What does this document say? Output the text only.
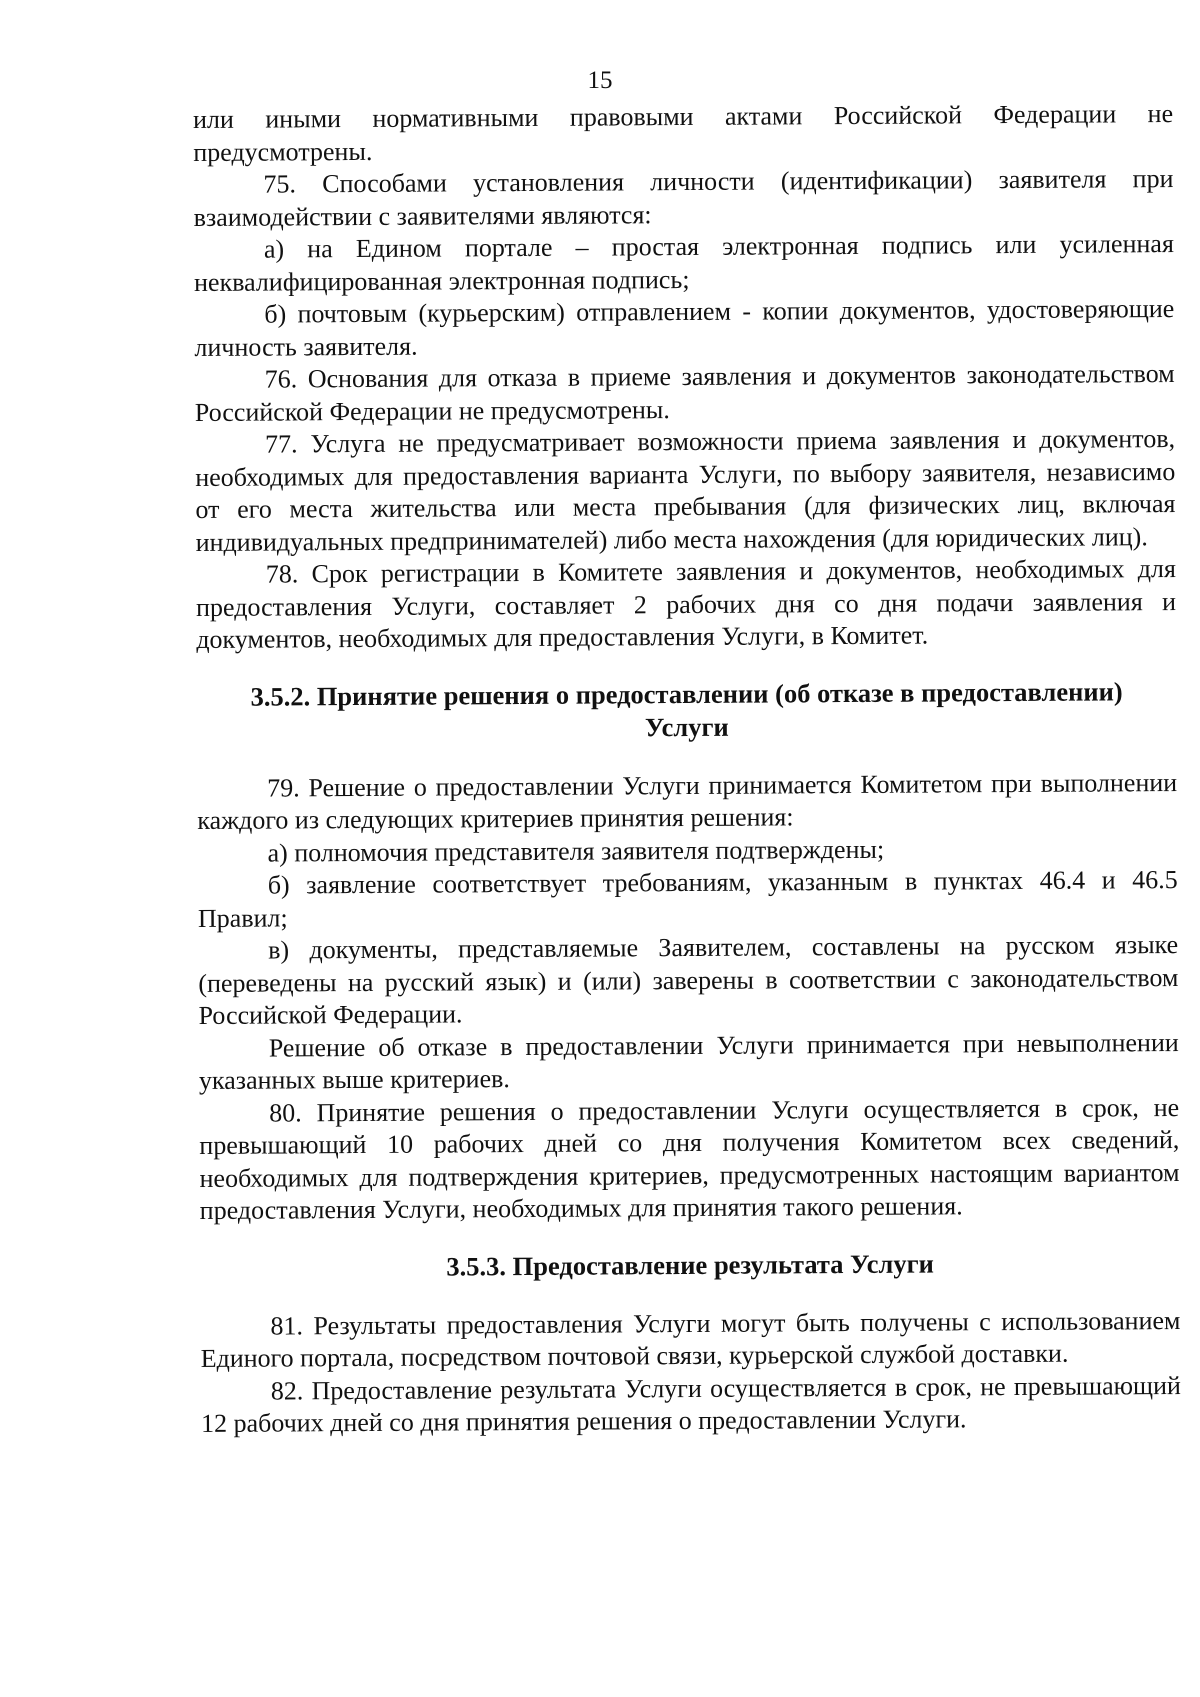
15

или иными нормативными правовыми актами Российской Федерации не предусмотрены.

75. Способами установления личности (идентификации) заявителя при взаимодействии с заявителями являются:

а) на Едином портале – простая электронная подпись или усиленная неквалифицированная электронная подпись;

б) почтовым (курьерским) отправлением - копии документов, удостоверяющие личность заявителя.

76. Основания для отказа в приеме заявления и документов законодательством Российской Федерации не предусмотрены.

77. Услуга не предусматривает возможности приема заявления и документов, необходимых для предоставления варианта Услуги, по выбору заявителя, независимо от его места жительства или места пребывания (для физических лиц, включая индивидуальных предпринимателей) либо места нахождения (для юридических лиц).

78. Срок регистрации в Комитете заявления и документов, необходимых для предоставления Услуги, составляет 2 рабочих дня со дня подачи заявления и документов, необходимых для предоставления Услуги, в Комитет.

3.5.2. Принятие решения о предоставлении (об отказе в предоставлении)
Услуги

79. Решение о предоставлении Услуги принимается Комитетом при выполнении каждого из следующих критериев принятия решения:

а) полномочия представителя заявителя подтверждены;

б) заявление соответствует требованиям, указанным в пунктах 46.4 и 46.5 Правил;

в) документы, представляемые Заявителем, составлены на русском языке (переведены на русский язык) и (или) заверены в соответствии с законодательством Российской Федерации.

Решение об отказе в предоставлении Услуги принимается при невыполнении указанных выше критериев.

80. Принятие решения о предоставлении Услуги осуществляется в срок, не превышающий 10 рабочих дней со дня получения Комитетом всех сведений, необходимых для подтверждения критериев, предусмотренных настоящим вариантом предоставления Услуги, необходимых для принятия такого решения.

3.5.3. Предоставление результата Услуги

81. Результаты предоставления Услуги могут быть получены с использованием Единого портала, посредством почтовой связи, курьерской службой доставки.

82. Предоставление результата Услуги осуществляется в срок, не превышающий 12 рабочих дней со дня принятия решения о предоставлении Услуги.
